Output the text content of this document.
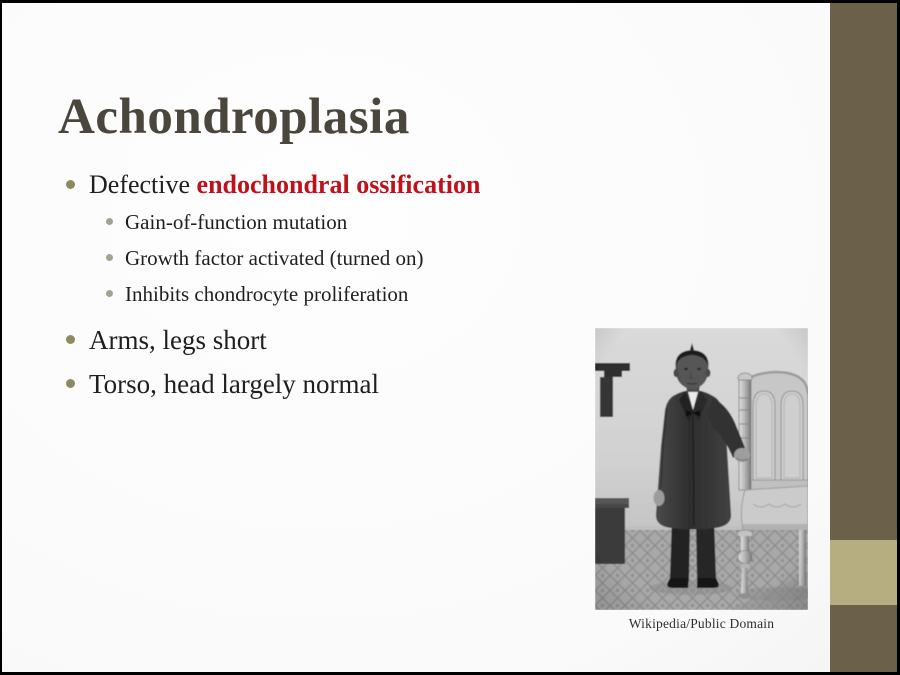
Achondroplasia
Defective endochondral ossification
Gain-of-function mutation
Growth factor activated (turned on)
Inhibits chondrocyte proliferation
Arms, legs short
Torso, head largely normal
Wikipedia/Public Domain
